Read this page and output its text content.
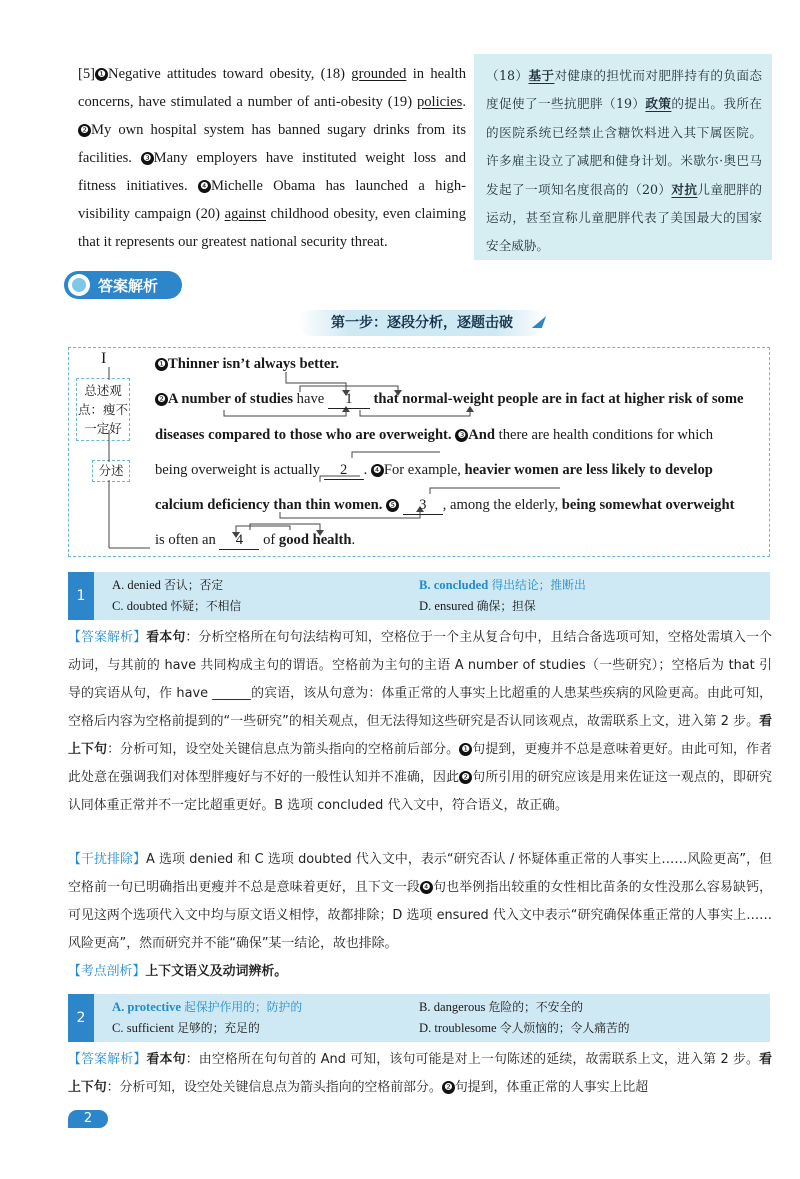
[5] ❶ Negative attitudes toward obesity, (18) grounded in health concerns, have stimulated a number of anti-obesity (19) policies. ❷ My own hospital system has banned sugary drinks from its facilities. ❸ Many employers have instituted weight loss and fitness initiatives. ❹ Michelle Obama has launched a high-visibility campaign (20) against childhood obesity, even claiming that it represents our greatest national security threat.
（18）基于对健康的担忧而对肥胖持有的负面态度促使了一些抗肥胖（19）政策的提出。我所在的医院系统已经禁止含糖饮料进入其下属医院。许多雇主设立了减肥和健身计划。米歇尔·奥巴马发起了一项知名度很高的（20）对抗儿童肥胖的运动，甚至宣称儿童肥胖代表了美国最大的国家安全威胁。
答案解析
第一步：逐段分析，逐题击破
I
总述观点：瘦不一定好
分述
❶ Thinner isn’t always better.
❷ A number of studies have 1 that normal-weight people are in fact at higher risk of some
diseases compared to those who are overweight. ❸ And there are health conditions for which
being overweight is actually 2 . ❹ For example, heavier women are less likely to develop
calcium deficiency than thin women. ❺ 3 , among the elderly, being somewhat overweight
is often an 4 of good health.
1
A. denied 否认；否定	B. concluded 得出结论；推断出
C. doubted 怀疑；不相信	D. ensured 确保；担保
【答案解析】看本句：分析空格所在句句法结构可知，空格位于一个主从复合句中，且结合备选项可知，空格处需填入一个动词，与其前的 have 共同构成主句的谓语。空格前为主句的主语 A number of studies（一些研究）；空格后为 that 引导的宾语从句，作 have ______的宾语，该从句意为：体重正常的人事实上比超重的人患某些疾病的风险更高。由此可知，空格后内容为空格前提到的“一些研究”的相关观点，但无法得知这些研究是否认同该观点，故需联系上文，进入第 2 步。看上下句：分析可知，设空处关键信息点为箭头指向的空格前后部分。 ❶ 句提到，更瘦并不总是意味着更好。由此可知，作者此处意在强调我们对体型胖瘦好与不好的一般性认知并不准确，因此 ❷ 句所引用的研究应该是用来佐证这一观点的，即研究认同体重正常并不一定比超重更好。B 选项 concluded 代入文中，符合语义，故正确。
【干扰排除】A 选项 denied 和 C 选项 doubted 代入文中，表示“研究否认 / 怀疑体重正常的人事实上……风险更高”，但空格前一句已明确指出更瘦并不总是意味着更好，且下文一段 ❹ 句也举例指出较重的女性相比苗条的女性没那么容易缺钙，可见这两个选项代入文中均与原文语义相悖，故都排除；D 选项 ensured 代入文中表示“研究确保体重正常的人事实上……风险更高”，然而研究并不能“确保”某一结论，故也排除。
【考点剖析】上下文语义及动词辨析。
2
A. protective 起保护作用的；防护的	B. dangerous 危险的；不安全的
C. sufficient 足够的；充足的	D. troublesome 令人烦恼的；令人痛苦的
【答案解析】看本句：由空格所在句句首的 And 可知，该句可能是对上一句陈述的延续，故需联系上文，进入第 2 步。看上下句：分析可知，设空处关键信息点为箭头指向的空格前部分。 ❷ 句提到，体重正常的人事实上比超
2
